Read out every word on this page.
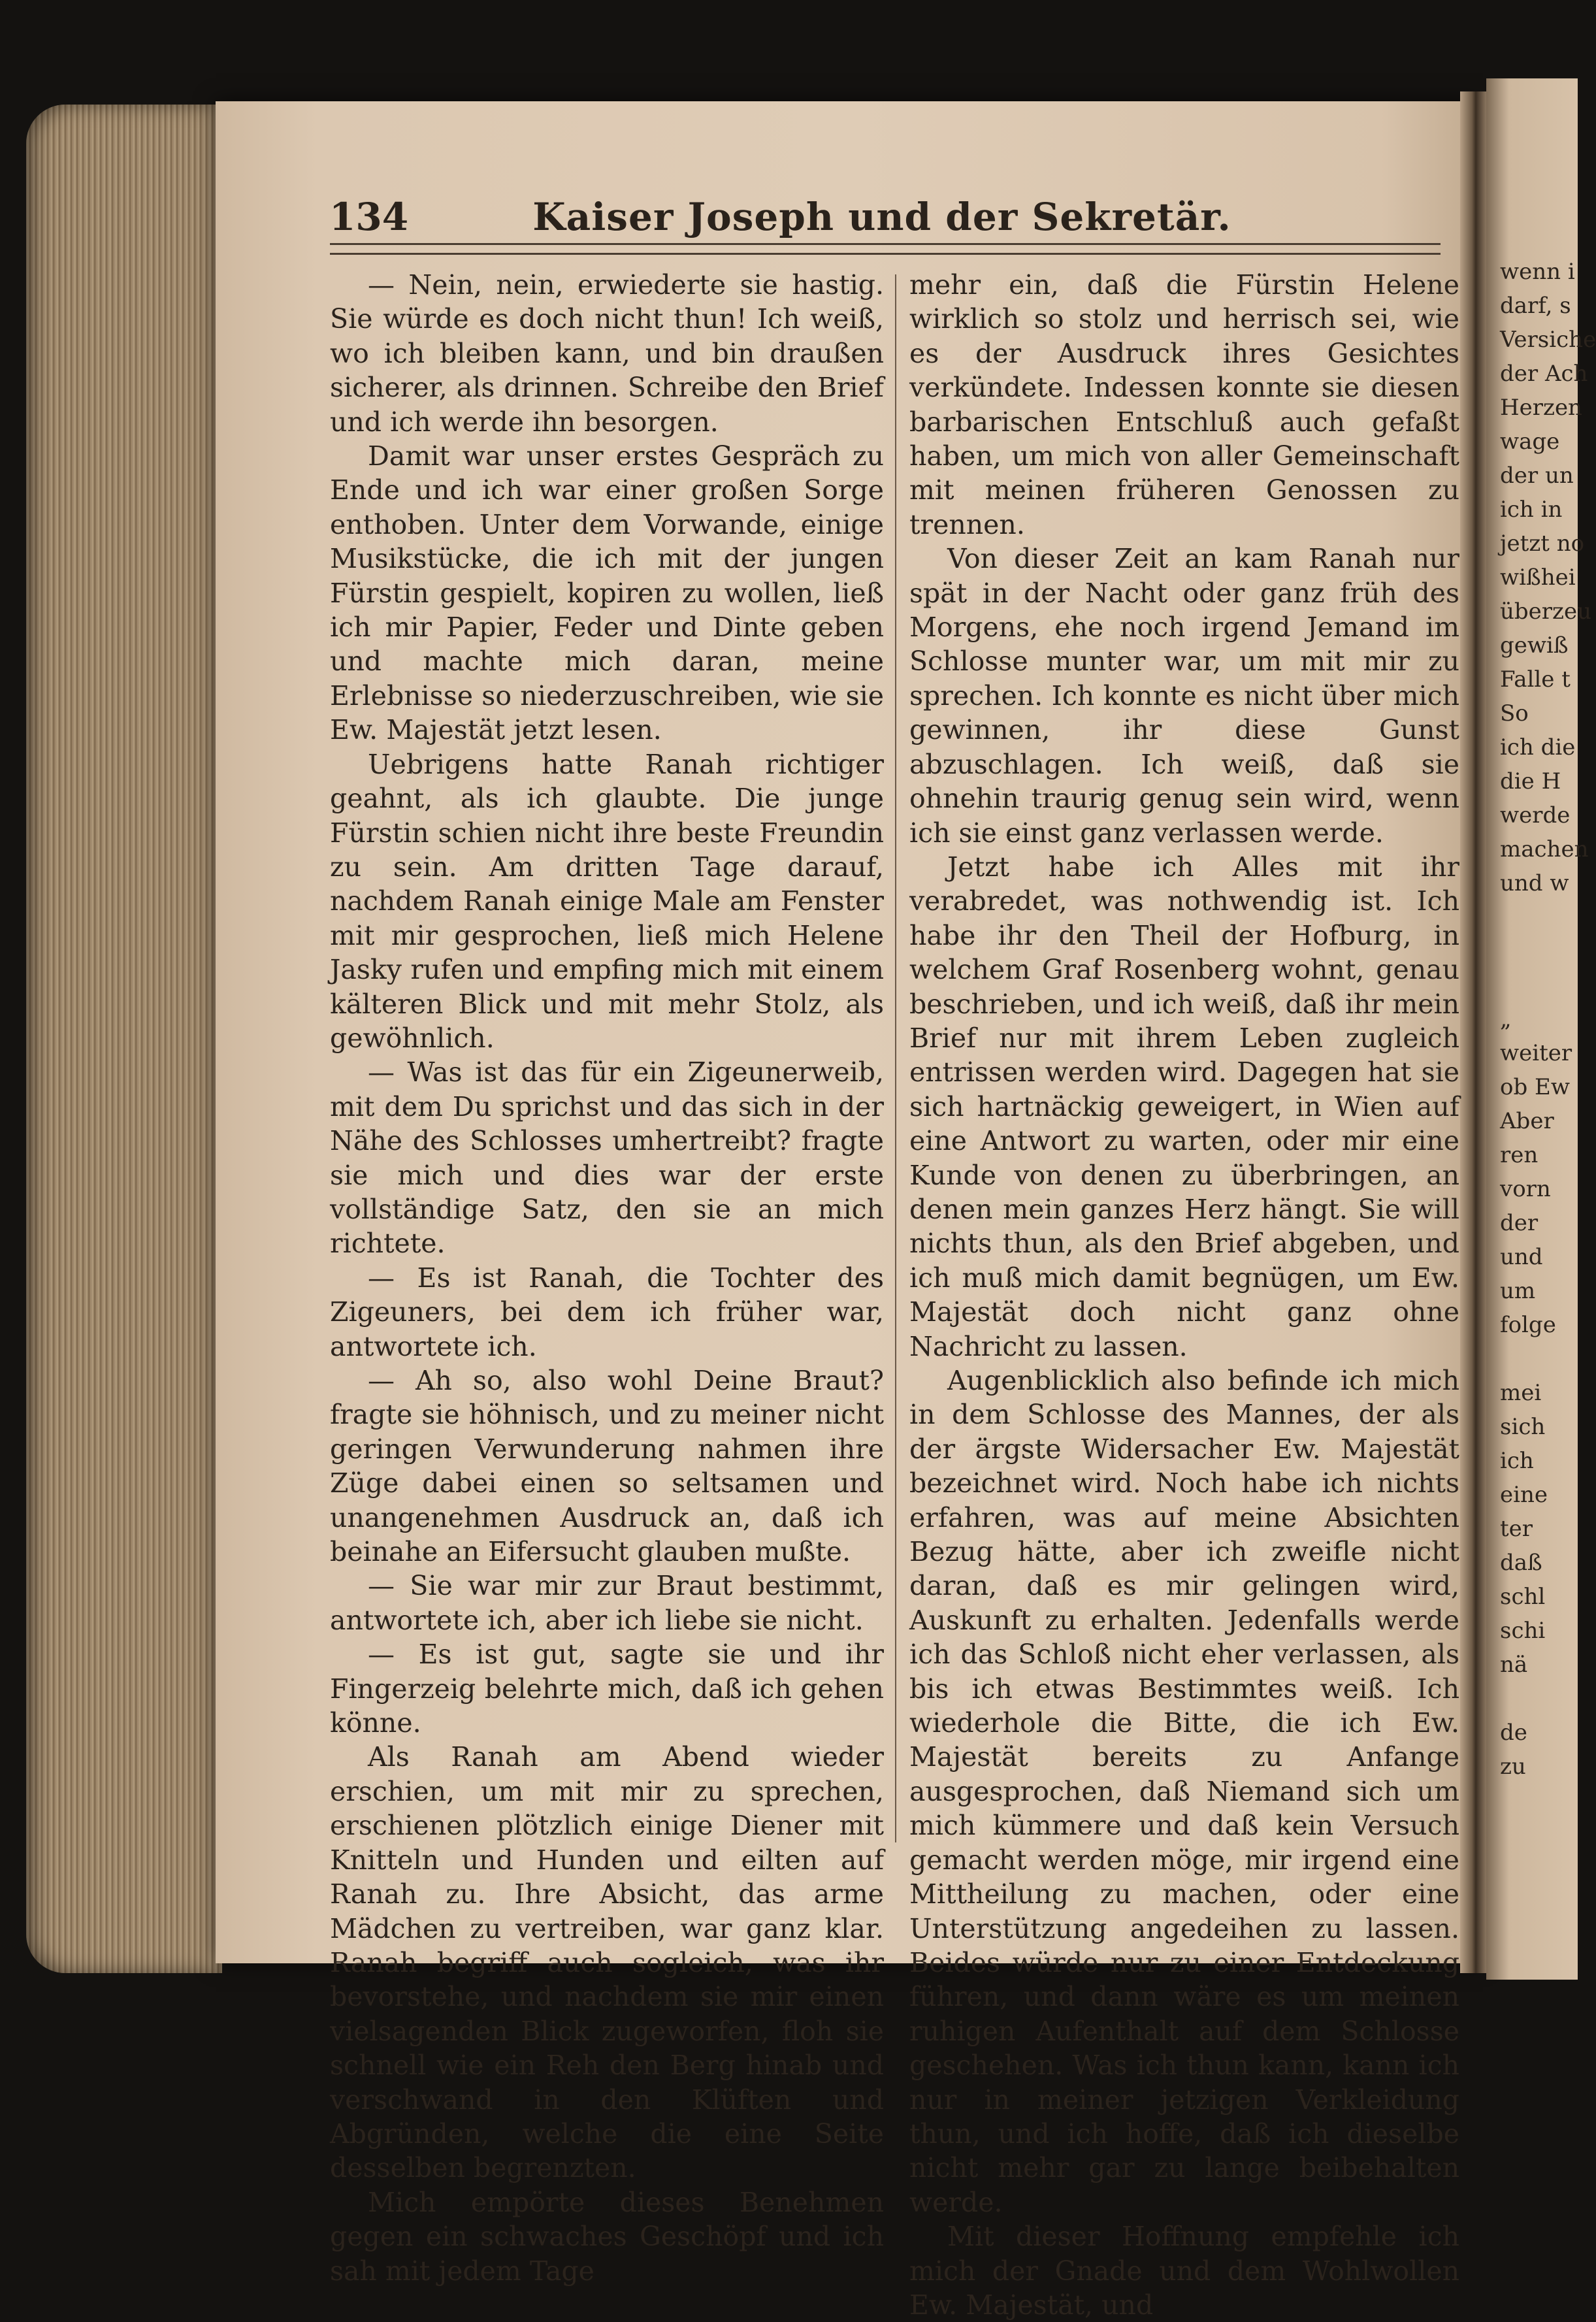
134	Kaiser Joseph und der Sekretär.

— Nein, nein, erwiederte sie hastig. Sie würde es doch nicht thun! Ich weiß, wo ich bleiben kann, und bin draußen sicherer, als drinnen. Schreibe den Brief und ich werde ihn besorgen.

Damit war unser erstes Gespräch zu Ende und ich war einer großen Sorge enthoben. Unter dem Vorwande, einige Musikstücke, die ich mit der jungen Fürstin gespielt, kopiren zu wollen, ließ ich mir Papier, Feder und Dinte geben und machte mich daran, meine Erlebnisse so niederzuschreiben, wie sie Ew. Majestät jetzt lesen.

Uebrigens hatte Ranah richtiger geahnt, als ich glaubte. Die junge Fürstin schien nicht ihre beste Freundin zu sein. Am dritten Tage darauf, nachdem Ranah einige Male am Fenster mit mir gesprochen, ließ mich Helene Jasky rufen und empfing mich mit einem kälteren Blick und mit mehr Stolz, als gewöhnlich.

— Was ist das für ein Zigeunerweib, mit dem Du sprichst und das sich in der Nähe des Schlosses umhertreibt? fragte sie mich und dies war der erste vollständige Satz, den sie an mich richtete.

— Es ist Ranah, die Tochter des Zigeuners, bei dem ich früher war, antwortete ich.

— Ah so, also wohl Deine Braut? fragte sie höhnisch, und zu meiner nicht geringen Verwunderung nahmen ihre Züge dabei einen so seltsamen und unangenehmen Ausdruck an, daß ich beinahe an Eifersucht glauben mußte.

— Sie war mir zur Braut bestimmt, antwortete ich, aber ich liebe sie nicht.

— Es ist gut, sagte sie und ihr Fingerzeig belehrte mich, daß ich gehen könne.

Als Ranah am Abend wieder erschien, um mit mir zu sprechen, erschienen plötzlich einige Diener mit Knitteln und Hunden und eilten auf Ranah zu. Ihre Absicht, das arme Mädchen zu vertreiben, war ganz klar. Ranah begriff auch sogleich, was ihr bevorstehe, und nachdem sie mir einen vielsagenden Blick zugeworfen, floh sie schnell wie ein Reh den Berg hinab und verschwand in den Klüften und Abgründen, welche die eine Seite desselben begrenzten.

Mich empörte dieses Benehmen gegen ein schwaches Geschöpf und ich sah mit jedem Tage

mehr ein, daß die Fürstin Helene wirklich so stolz und herrisch sei, wie es der Ausdruck ihres Gesichtes verkündete. Indessen konnte sie diesen barbarischen Entschluß auch gefaßt haben, um mich von aller Gemeinschaft mit meinen früheren Genossen zu trennen.

Von dieser Zeit an kam Ranah nur spät in der Nacht oder ganz früh des Morgens, ehe noch irgend Jemand im Schlosse munter war, um mit mir zu sprechen. Ich konnte es nicht über mich gewinnen, ihr diese Gunst abzuschlagen. Ich weiß, daß sie ohnehin traurig genug sein wird, wenn ich sie einst ganz verlassen werde.

Jetzt habe ich Alles mit ihr verabredet, was nothwendig ist. Ich habe ihr den Theil der Hofburg, in welchem Graf Rosenberg wohnt, genau beschrieben, und ich weiß, daß ihr mein Brief nur mit ihrem Leben zugleich entrissen werden wird. Dagegen hat sie sich hartnäckig geweigert, in Wien auf eine Antwort zu warten, oder mir eine Kunde von denen zu überbringen, an denen mein ganzes Herz hängt. Sie will nichts thun, als den Brief abgeben, und ich muß mich damit begnügen, um Ew. Majestät doch nicht ganz ohne Nachricht zu lassen.

Augenblicklich also befinde ich mich in dem Schlosse des Mannes, der als der ärgste Widersacher Ew. Majestät bezeichnet wird. Noch habe ich nichts erfahren, was auf meine Absichten Bezug hätte, aber ich zweifle nicht daran, daß es mir gelingen wird, Auskunft zu erhalten. Jedenfalls werde ich das Schloß nicht eher verlassen, als bis ich etwas Bestimmtes weiß. Ich wiederhole die Bitte, die ich Ew. Majestät bereits zu Anfange ausgesprochen, daß Niemand sich um mich kümmere und daß kein Versuch gemacht werden möge, mir irgend eine Mittheilung zu machen, oder eine Unterstützung angedeihen zu lassen. Beides würde nur zu einer Entdeckung führen, und dann wäre es um meinen ruhigen Aufenthalt auf dem Schlosse geschehen. Was ich thun kann, kann ich nur in meiner jetzigen Verkleidung thun, und ich hoffe, daß ich dieselbe nicht mehr gar zu lange beibehalten werde.

Mit dieser Hoffnung empfehle ich mich der Gnade und dem Wohlwollen Ew. Majestät, und

wenn i
darf, s
Versiche
der Ach
Herzen
wage
der un
ich in
jetzt no
wißhei
überzeu
gewiß
Falle t
So
ich die
die H
werde
machen
und w

„
weiter
ob Ew
Aber
ren
vorn
der
und
um
folge

mei
sich
ich
eine
ter
daß
schl
schi
nä

de
zu
